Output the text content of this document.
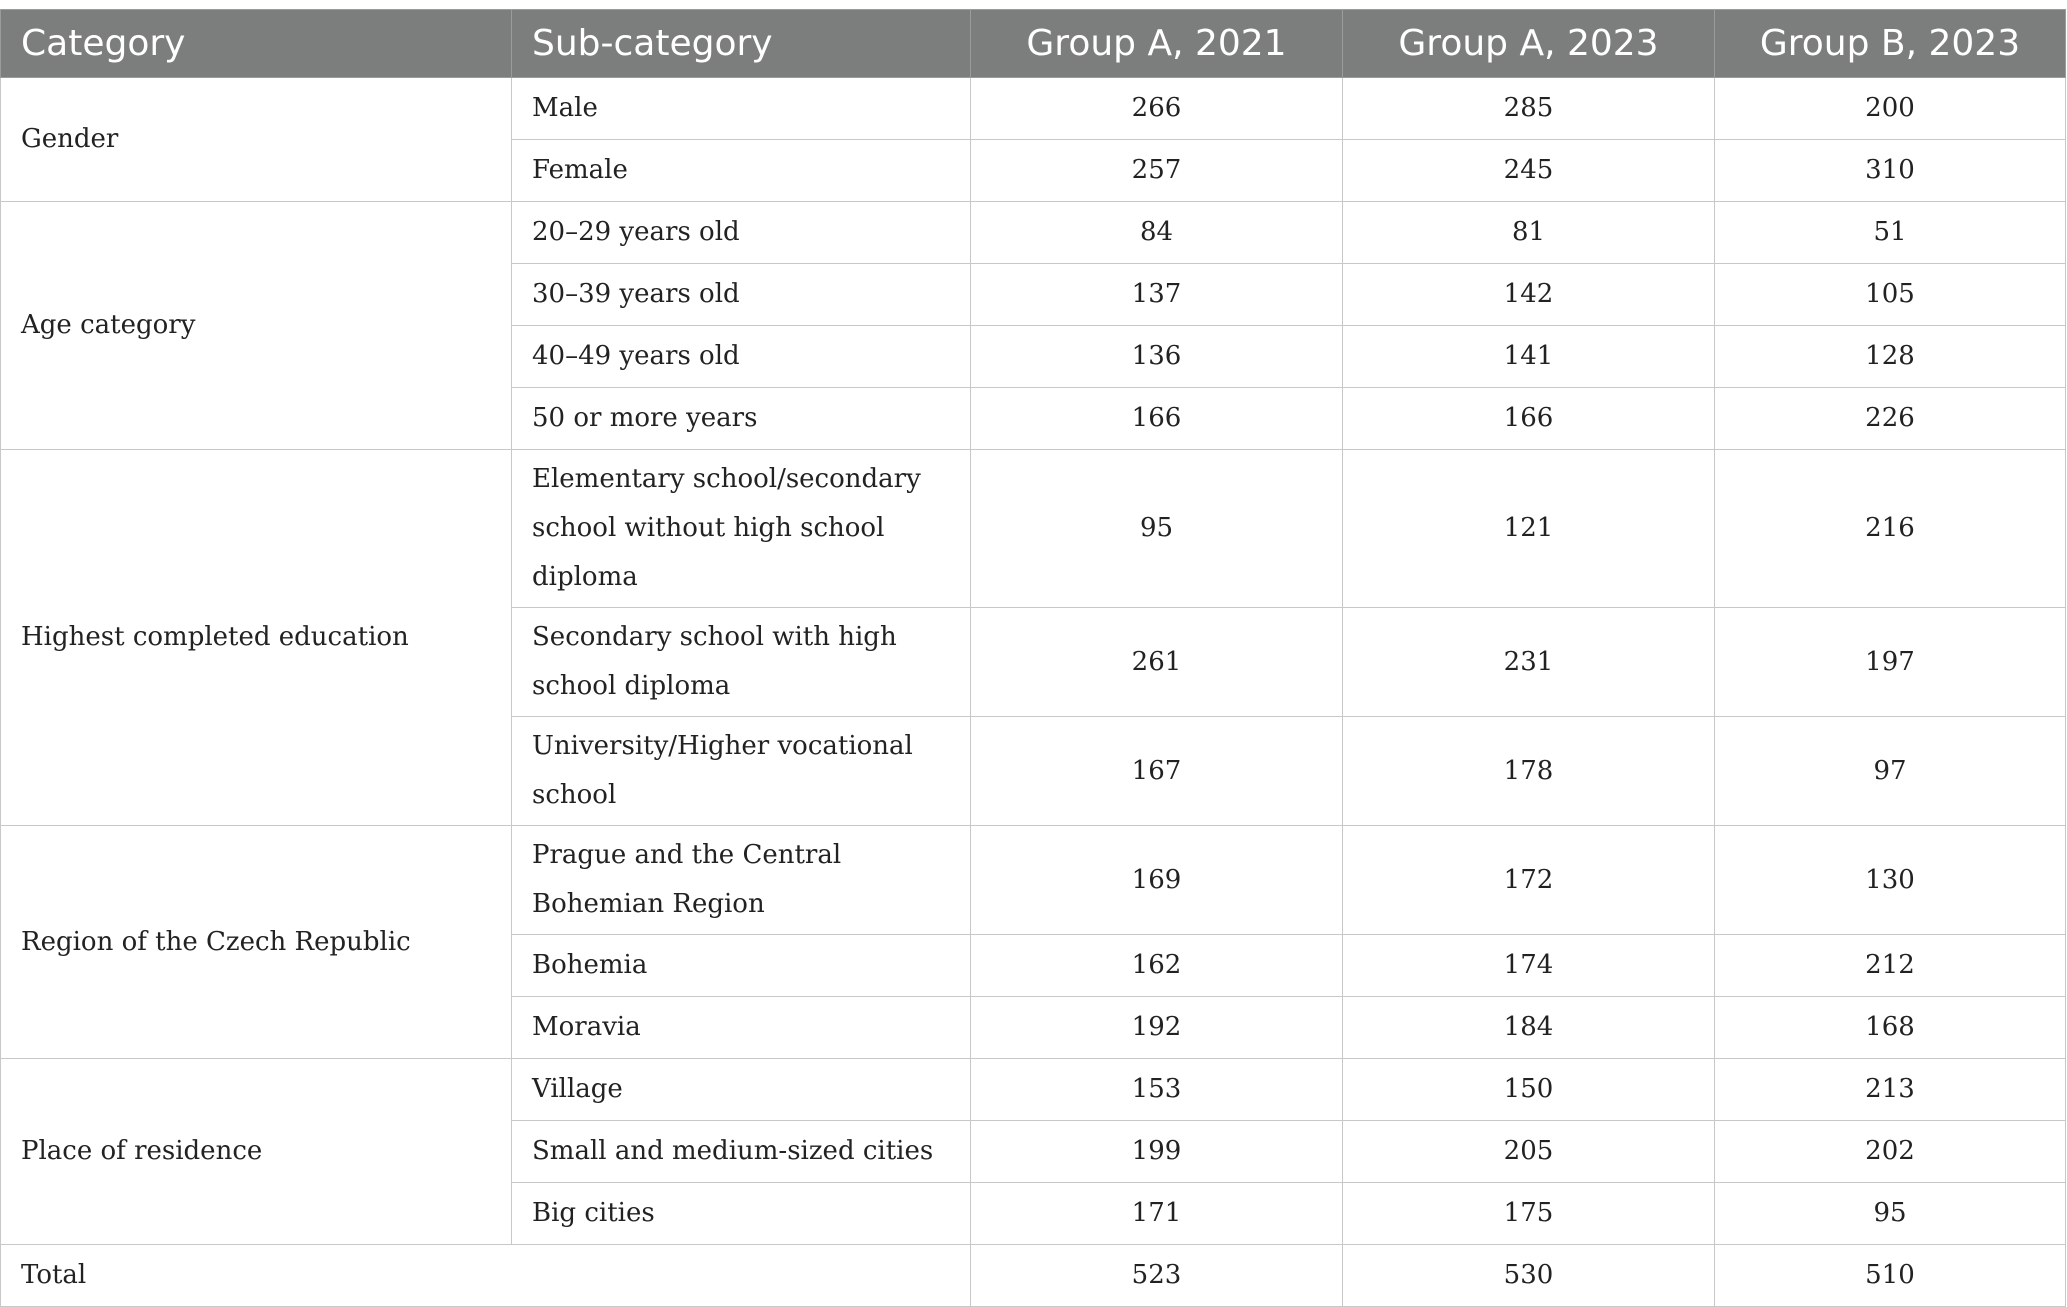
Category	Sub-category	Group A, 2021	Group A, 2023	Group B, 2023
Gender	Male	266	285	200
	Female	257	245	310
Age category	20–29 years old	84	81	51
	30–39 years old	137	142	105
	40–49 years old	136	141	128
	50 or more years	166	166	226
Highest completed education	Elementary school/secondary school without high school diploma	95	121	216
	Secondary school with high school diploma	261	231	197
	University/Higher vocational school	167	178	97
Region of the Czech Republic	Prague and the Central Bohemian Region	169	172	130
	Bohemia	162	174	212
	Moravia	192	184	168
Place of residence	Village	153	150	213
	Small and medium-sized cities	199	205	202
	Big cities	171	175	95
Total		523	530	510
